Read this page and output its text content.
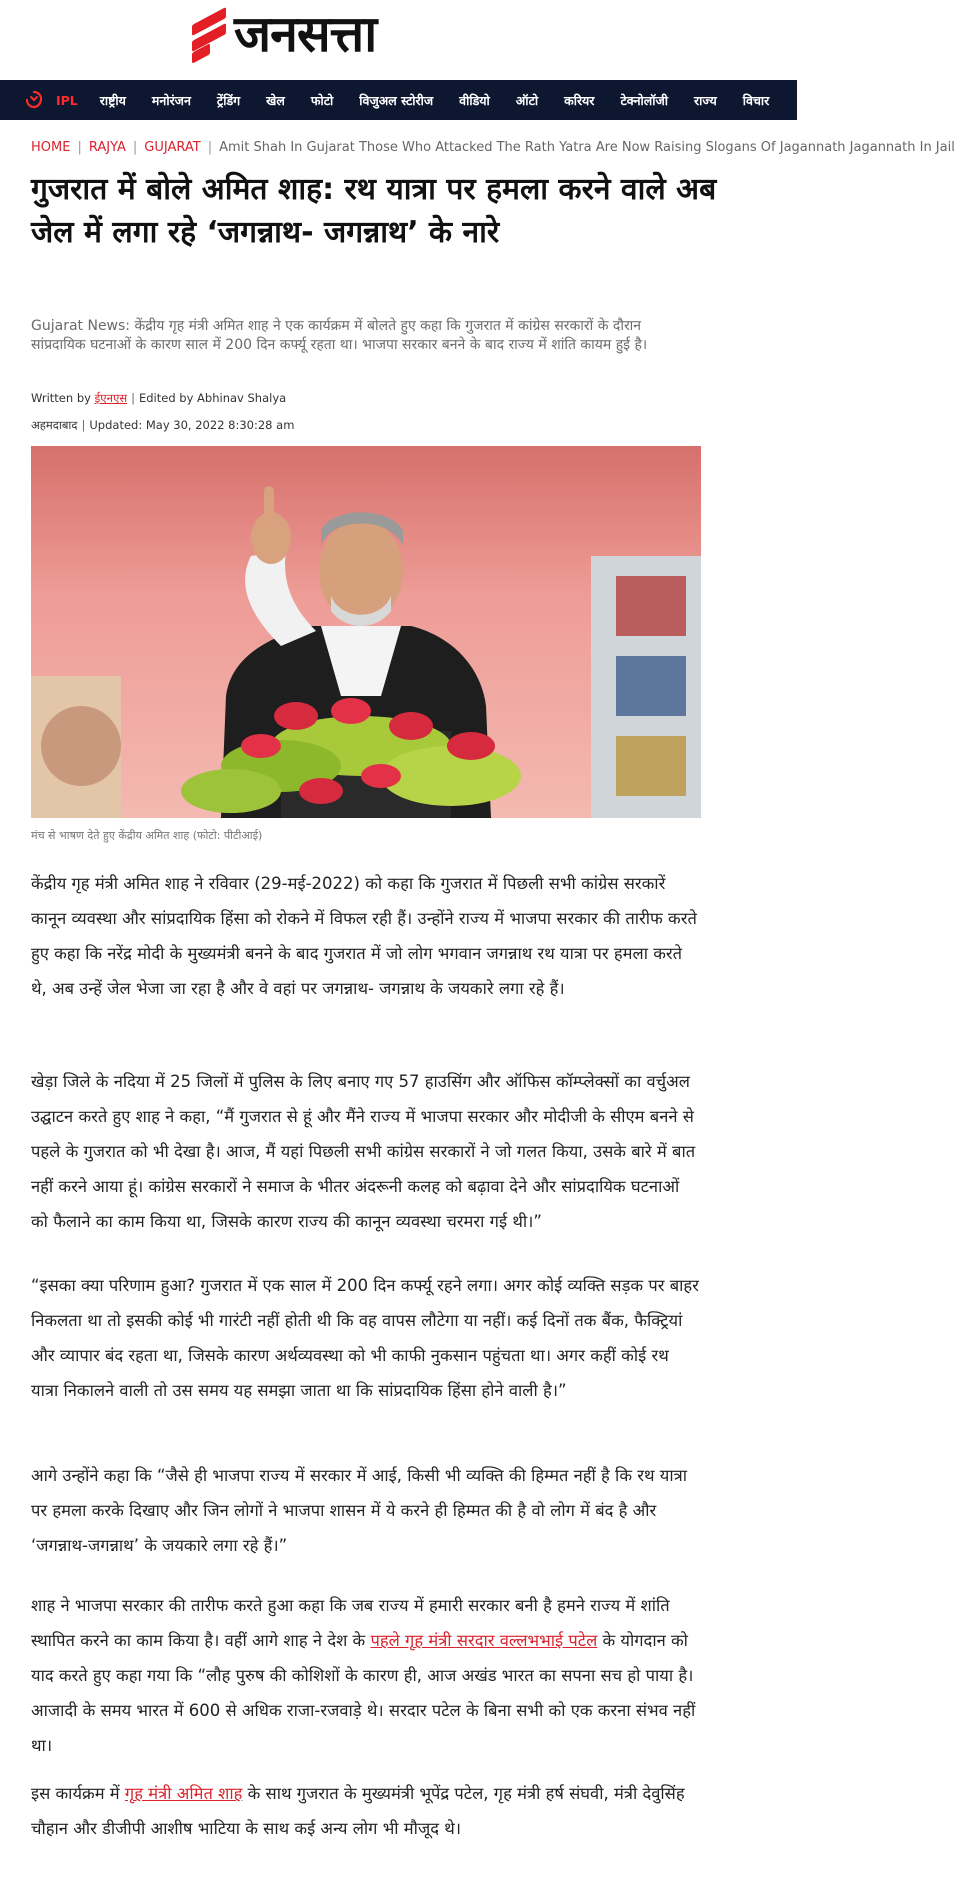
जनसत्ता
IPL राष्ट्रीय मनोरंजन ट्रेंडिंग खेल फोटो विजुअल स्टोरीज वीडियो ऑटो करियर टेक्नोलॉजी राज्य विचार
HOME | RAJYA | GUJARAT | Amit Shah In Gujarat Those Who Attacked The Rath Yatra Are Now Raising Slogans Of Jagannath Jagannath In Jail
गुजरात में बोले अमित शाह: रथ यात्रा पर हमला करने वाले अब जेल में लगा रहे ‘जगन्नाथ- जगन्नाथ’ के नारे
Gujarat News: केंद्रीय गृह मंत्री अमित शाह ने एक कार्यक्रम में बोलते हुए कहा कि गुजरात में कांग्रेस सरकारों के दौरान सांप्रदायिक घटनाओं के कारण साल में 200 दिन कर्फ्यू रहता था। भाजपा सरकार बनने के बाद राज्य में शांति कायम हुई है।
Written by ईएनएस | Edited by Abhinav Shalya
अहमदाबाद | Updated: May 30, 2022 8:30:28 am
मंच से भाषण देते हुए केंद्रीय अमित शाह (फोटो: पीटीआई)

केंद्रीय गृह मंत्री अमित शाह ने रविवार (29-मई-2022) को कहा कि गुजरात में पिछली सभी कांग्रेस सरकारें कानून व्यवस्था और सांप्रदायिक हिंसा को रोकने में विफल रही हैं। उन्होंने राज्य में भाजपा सरकार की तारीफ करते हुए कहा कि नरेंद्र मोदी के मुख्यमंत्री बनने के बाद गुजरात में जो लोग भगवान जगन्नाथ रथ यात्रा पर हमला करते थे, अब उन्हें जेल भेजा जा रहा है और वे वहां पर जगन्नाथ- जगन्नाथ के जयकारे लगा रहे हैं।

खेड़ा जिले के नदिया में 25 जिलों में पुलिस के लिए बनाए गए 57 हाउसिंग और ऑफिस कॉम्प्लेक्सों का वर्चुअल उद्घाटन करते हुए शाह ने कहा, “मैं गुजरात से हूं और मैंने राज्य में भाजपा सरकार और मोदीजी के सीएम बनने से पहले के गुजरात को भी देखा है। आज, मैं यहां पिछली सभी कांग्रेस सरकारों ने जो गलत किया, उसके बारे में बात नहीं करने आया हूं। कांग्रेस सरकारों ने समाज के भीतर अंदरूनी कलह को बढ़ावा देने और सांप्रदायिक घटनाओं को फैलाने का काम किया था, जिसके कारण राज्य की कानून व्यवस्था चरमरा गई थी।”

“इसका क्या परिणाम हुआ? गुजरात में एक साल में 200 दिन कर्फ्यू रहने लगा। अगर कोई व्यक्ति सड़क पर बाहर निकलता था तो इसकी कोई भी गारंटी नहीं होती थी कि वह वापस लौटेगा या नहीं। कई दिनों तक बैंक, फैक्ट्रियां और व्यापार बंद रहता था, जिसके कारण अर्थव्यवस्था को भी काफी नुकसान पहुंचता था। अगर कहीं कोई रथ यात्रा निकालने वाली तो उस समय यह समझा जाता था कि सांप्रदायिक हिंसा होने वाली है।”

आगे उन्होंने कहा कि “जैसे ही भाजपा राज्य में सरकार में आई, किसी भी व्यक्ति की हिम्मत नहीं है कि रथ यात्रा पर हमला करके दिखाए और जिन लोगों ने भाजपा शासन में ये करने ही हिम्मत की है वो लोग में बंद है और ‘जगन्नाथ-जगन्नाथ’ के जयकारे लगा रहे हैं।”

शाह ने भाजपा सरकार की तारीफ करते हुआ कहा कि जब राज्य में हमारी सरकार बनी है हमने राज्य में शांति स्थापित करने का काम किया है। वहीं आगे शाह ने देश के पहले गृह मंत्री सरदार वल्लभभाई पटेल के योगदान को याद करते हुए कहा गया कि “लौह पुरुष की कोशिशों के कारण ही, आज अखंड भारत का सपना सच हो पाया है। आजादी के समय भारत में 600 से अधिक राजा-रजवाड़े थे। सरदार पटेल के बिना सभी को एक करना संभव नहीं था।

इस कार्यक्रम में गृह मंत्री अमित शाह के साथ गुजरात के मुख्यमंत्री भूपेंद्र पटेल, गृह मंत्री हर्ष संघवी, मंत्री देवुसिंह चौहान और डीजीपी आशीष भाटिया के साथ कई अन्य लोग भी मौजूद थे।
